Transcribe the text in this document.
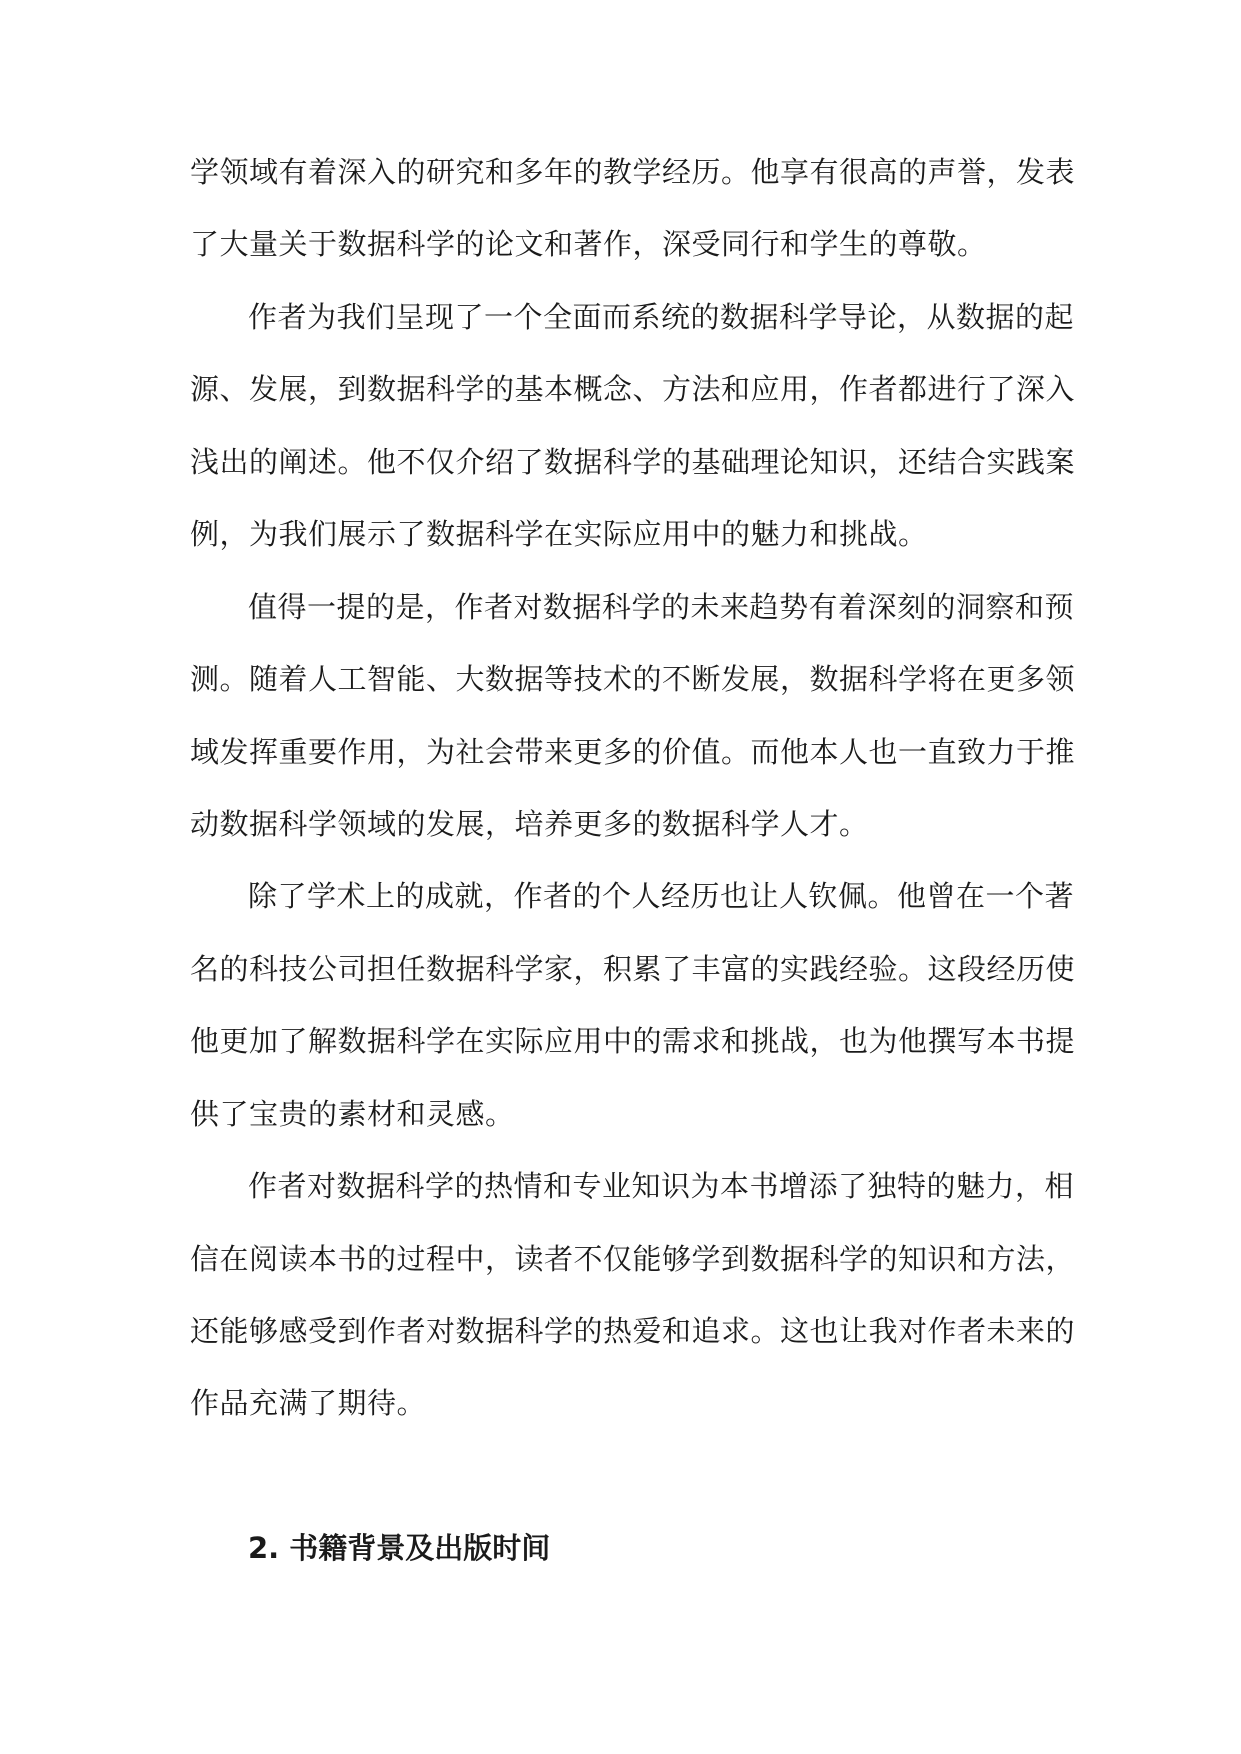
学领域有着深入的研究和多年的教学经历。他享有很高的声誉，发表
了大量关于数据科学的论文和著作，深受同行和学生的尊敬。
作者为我们呈现了一个全面而系统的数据科学导论，从数据的起
源、发展，到数据科学的基本概念、方法和应用，作者都进行了深入
浅出的阐述。他不仅介绍了数据科学的基础理论知识，还结合实践案
例，为我们展示了数据科学在实际应用中的魅力和挑战。
值得一提的是，作者对数据科学的未来趋势有着深刻的洞察和预
测。随着人工智能、大数据等技术的不断发展，数据科学将在更多领
域发挥重要作用，为社会带来更多的价值。而他本人也一直致力于推
动数据科学领域的发展，培养更多的数据科学人才。
除了学术上的成就，作者的个人经历也让人钦佩。他曾在一个著
名的科技公司担任数据科学家，积累了丰富的实践经验。这段经历使
他更加了解数据科学在实际应用中的需求和挑战，也为他撰写本书提
供了宝贵的素材和灵感。
作者对数据科学的热情和专业知识为本书增添了独特的魅力，相
信在阅读本书的过程中，读者不仅能够学到数据科学的知识和方法，
还能够感受到作者对数据科学的热爱和追求。这也让我对作者未来的
作品充满了期待。
2. 书籍背景及出版时间
